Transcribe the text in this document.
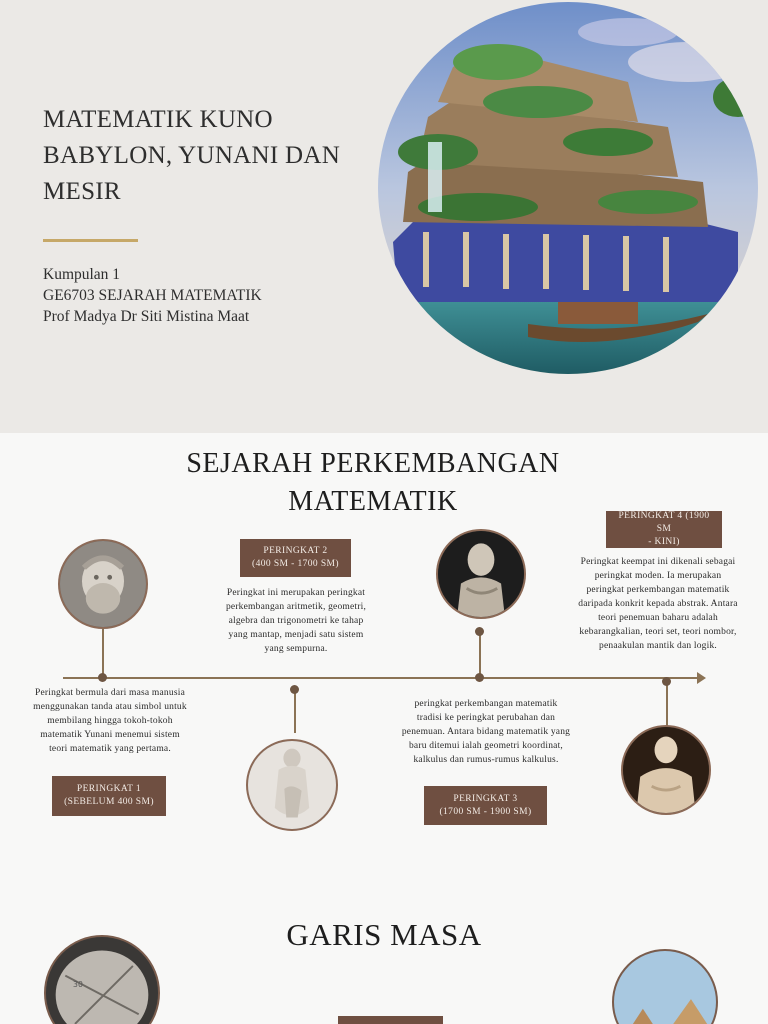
MATEMATIK KUNO
BABYLON, YUNANI DAN
MESIR
Kumpulan 1
GE6703 SEJARAH MATEMATIK
Prof Madya Dr Siti Mistina Maat
SEJARAH PERKEMBANGAN
MATEMATIK
Peringkat bermula dari masa manusia
menggunakan tanda atau simbol untuk
membilang hingga tokoh-tokoh
matematik Yunani menemui sistem
teori matematik yang pertama.
PERINGKAT 1
(SEBELUM 400 SM)
PERINGKAT 2
(400 SM - 1700 SM)
Peringkat ini merupakan peringkat
perkembangan aritmetik, geometri,
algebra dan trigonometri ke tahap
yang mantap, menjadi satu sistem
yang sempurna.
peringkat perkembangan matematik
tradisi ke peringkat perubahan dan
penemuan. Antara bidang matematik yang
baru ditemui ialah geometri koordinat,
kalkulus dan rumus-rumus kalkulus.
PERINGKAT 3
(1700 SM - 1900 SM)
PERINGKAT 4 (1900 SM
- KINI)
Peringkat keempat ini dikenali sebagai
peringkat moden. Ia merupakan
peringkat perkembangan matematik
daripada konkrit kepada abstrak. Antara
teori penemuan baharu adalah
kebarangkalian, teori set, teori nombor,
penaakulan mantik dan logik.
GARIS MASA
30
